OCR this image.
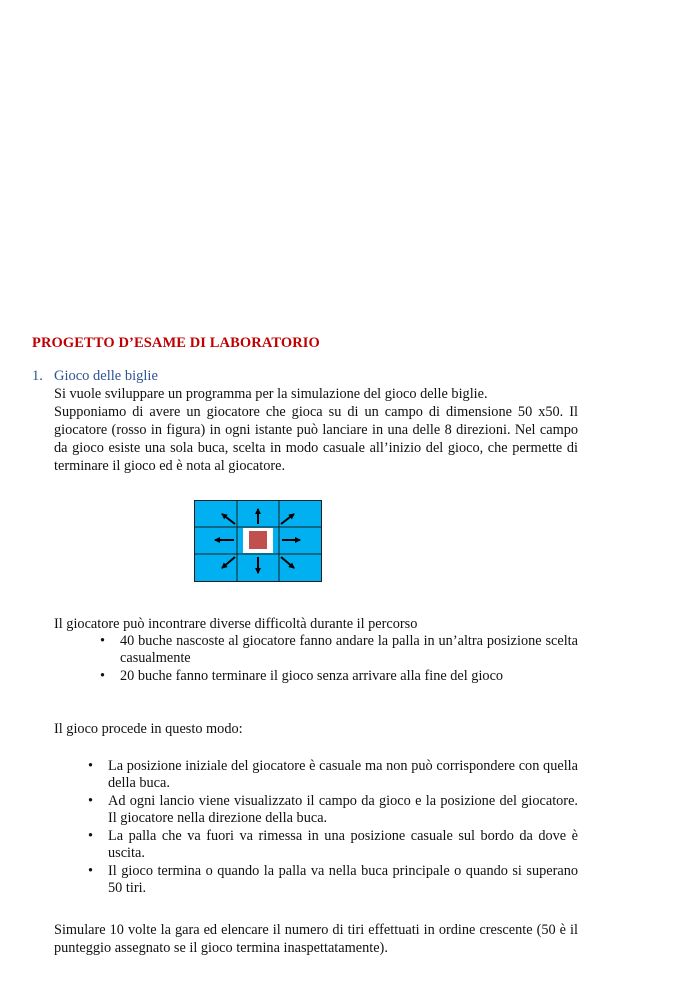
PROGETTO D’ESAME DI LABORATORIO
1. Gioco delle biglie
Si vuole sviluppare un programma per la simulazione del gioco delle biglie.
Supponiamo di avere un giocatore che gioca su di un campo di dimensione 50 x50. Il giocatore (rosso in figura) in ogni istante può lanciare in una delle 8 direzioni. Nel campo da gioco esiste una sola buca, scelta in modo casuale all’inizio del gioco, che permette di terminare il gioco ed è nota al giocatore.
Il giocatore può incontrare diverse difficoltà durante il percorso
• 40 buche nascoste al giocatore fanno andare la palla in un’altra posizione scelta casualmente
• 20 buche fanno terminare il gioco senza arrivare alla fine del gioco
Il gioco procede in questo modo:
• La posizione iniziale del giocatore è casuale ma non può corrispondere con quella della buca.
• Ad ogni lancio viene visualizzato il campo da gioco e la posizione del giocatore. Il giocatore nella direzione della buca.
• La palla che va fuori va rimessa in una posizione casuale sul bordo da dove è uscita.
• Il gioco termina o quando la palla va nella buca principale o quando si superano 50 tiri.
Simulare 10 volte la gara ed elencare il numero di tiri effettuati in ordine crescente (50 è il punteggio assegnato se il gioco termina inaspettatamente).
